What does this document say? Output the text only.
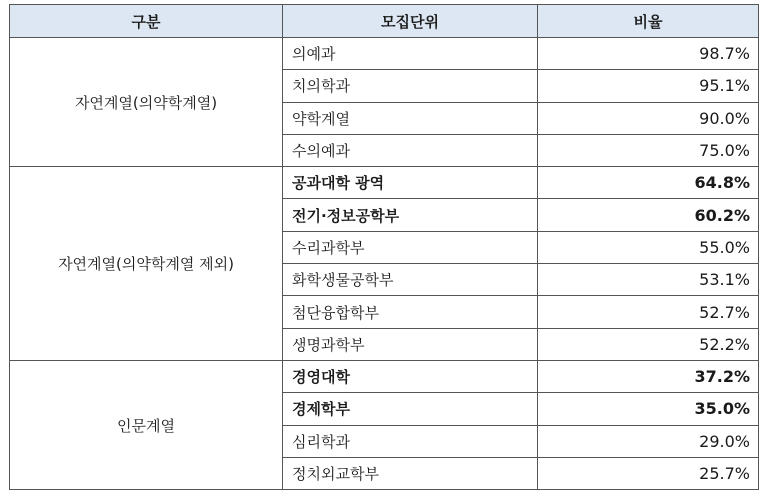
구분	모집단위	비율
자연계열(의약학계열)	의예과	98.7%
	치의학과	95.1%
	약학계열	90.0%
	수의예과	75.0%
자연계열(의약학계열 제외)	공과대학 광역	64.8%
	전기·정보공학부	60.2%
	수리과학부	55.0%
	화학생물공학부	53.1%
	첨단융합학부	52.7%
	생명과학부	52.2%
인문계열	경영대학	37.2%
	경제학부	35.0%
	심리학과	29.0%
	정치외교학부	25.7%
